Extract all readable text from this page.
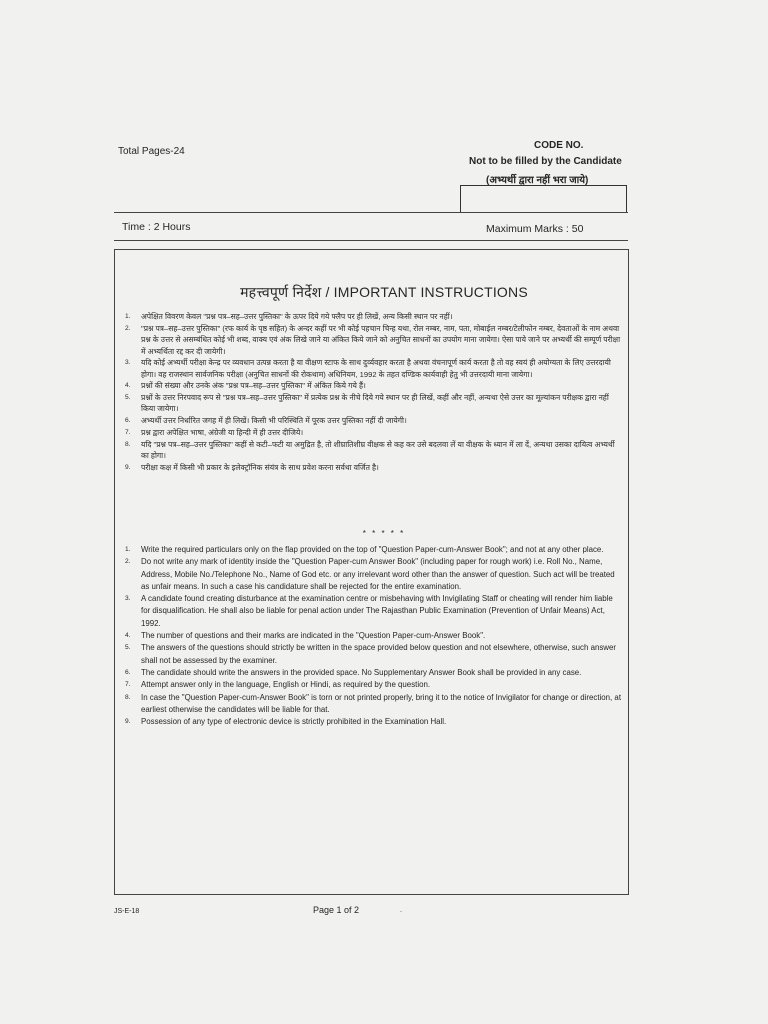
Total Pages-24
CODE NO.
Not to be filled by the Candidate
(अभ्यर्थी द्वारा नहीं भरा जाये)
Time : 2 Hours	Maximum Marks : 50
महत्त्वपूर्ण निर्देश / IMPORTANT INSTRUCTIONS
1.	अपेक्षित विवरण केवल "प्रश्न पत्र–सह–उत्तर पुस्तिका" के ऊपर दिये गये फ्लैप पर ही लिखें, अन्य किसी स्थान पर नहीं।
2.	"प्रश्न पत्र–सह–उत्तर पुस्तिका" (रफ कार्य के पृष्ठ सहित) के अन्दर कहीं पर भी कोई पहचान चिन्ह यथा, रोल नम्बर, नाम, पता, मोबाईल नम्बर/टेलीफोन नम्बर, देवताओं के नाम अथवा प्रश्न के उत्तर से असम्बंधित कोई भी शब्द, वाक्य एवं अंक लिखे जाने या अंकित किये जाने को अनुचित साधनों का उपयोग माना जायेगा। ऐसा पाये जाने पर अभ्यर्थी की सम्पूर्ण परीक्षा में अभ्यर्थिता रद्द कर दी जायेगी।
3.	यदि कोई अभ्यर्थी परीक्षा केन्द्र पर व्यवधान उत्पन्न करता है या वीक्षण स्टाफ के साथ दुर्व्यवहार करता है अथवा वंचनापूर्ण कार्य करता है तो वह स्वयं ही अयोग्यता के लिए उत्तरदायी होगा। वह राजस्थान सार्वजनिक परीक्षा (अनुचित साधनों की रोकथाम) अधिनियम, 1992 के तहत दण्डिक कार्यवाही हेतु भी उत्तरदायी माना जायेगा।
4.	प्रश्नों की संख्या और उनके अंक "प्रश्न पत्र–सह–उत्तर पुस्तिका" में अंकित किये गये हैं।
5.	प्रश्नों के उत्तर निरपवाद रूप से "प्रश्न पत्र–सह–उत्तर पुस्तिका" में प्रत्येक प्रश्न के नीचे दिये गये स्थान पर ही लिखें, कहीं और नहीं, अन्यथा ऐसे उत्तर का मूल्यांकन परीक्षक द्वारा नहीं किया जायेगा।
6.	अभ्यर्थी उत्तर निर्धारित जगह में ही लिखें। किसी भी परिस्थिति में पूरक उत्तर पुस्तिका नहीं दी जायेगी।
7.	प्रश्न द्वारा अपेक्षित भाषा, अंग्रेजी या हिन्दी में ही उत्तर दीजिये।
8.	यदि "प्रश्न पत्र–सह–उत्तर पुस्तिका" कहीं से कटी–फटी या अमुद्रित है, तो शीघ्रातिशीघ्र वीक्षक से कह कर उसे बदलवा लें या वीक्षक के ध्यान में ला दें, अन्यथा उसका दायित्व अभ्यर्थी का होगा।
9.	परीक्षा कक्ष में किसी भी प्रकार के इलेक्ट्रॉनिक संयंत्र के साथ प्रवेश करना सर्वथा वर्जित है।
* * * * *
1.	Write the required particulars only on the flap provided on the top of "Question Paper-cum-Answer Book"; and not at any other place.
2.	Do not write any mark of identity inside the "Question Paper-cum Answer Book" (including paper for rough work) i.e. Roll No., Name, Address, Mobile No./Telephone No., Name of God etc. or any irrelevant word other than the answer of question. Such act will be treated as unfair means. In such a case his candidature shall be rejected for the entire examination.
3.	A candidate found creating disturbance at the examination centre or misbehaving with Invigilating Staff or cheating will render him liable for disqualification. He shall also be liable for penal action under The Rajasthan Public Examination (Prevention of Unfair Means) Act, 1992.
4.	The number of questions and their marks are indicated in the "Question Paper-cum-Answer Book".
5.	The answers of the questions should strictly be written in the space provided below question and not elsewhere, otherwise, such answer shall not be assessed by the examiner.
6.	The candidate should write the answers in the provided space. No Supplementary Answer Book shall be provided in any case.
7.	Attempt answer only in the language, English or Hindi, as required by the question.
8.	In case the "Question Paper-cum-Answer Book" is torn or not printed properly, bring it to the notice of Invigilator for change or direction, at earliest otherwise the candidates will be liable for that.
9.	Possession of any type of electronic device is strictly prohibited in the Examination Hall.
JS-E-18	Page 1 of 2	.
